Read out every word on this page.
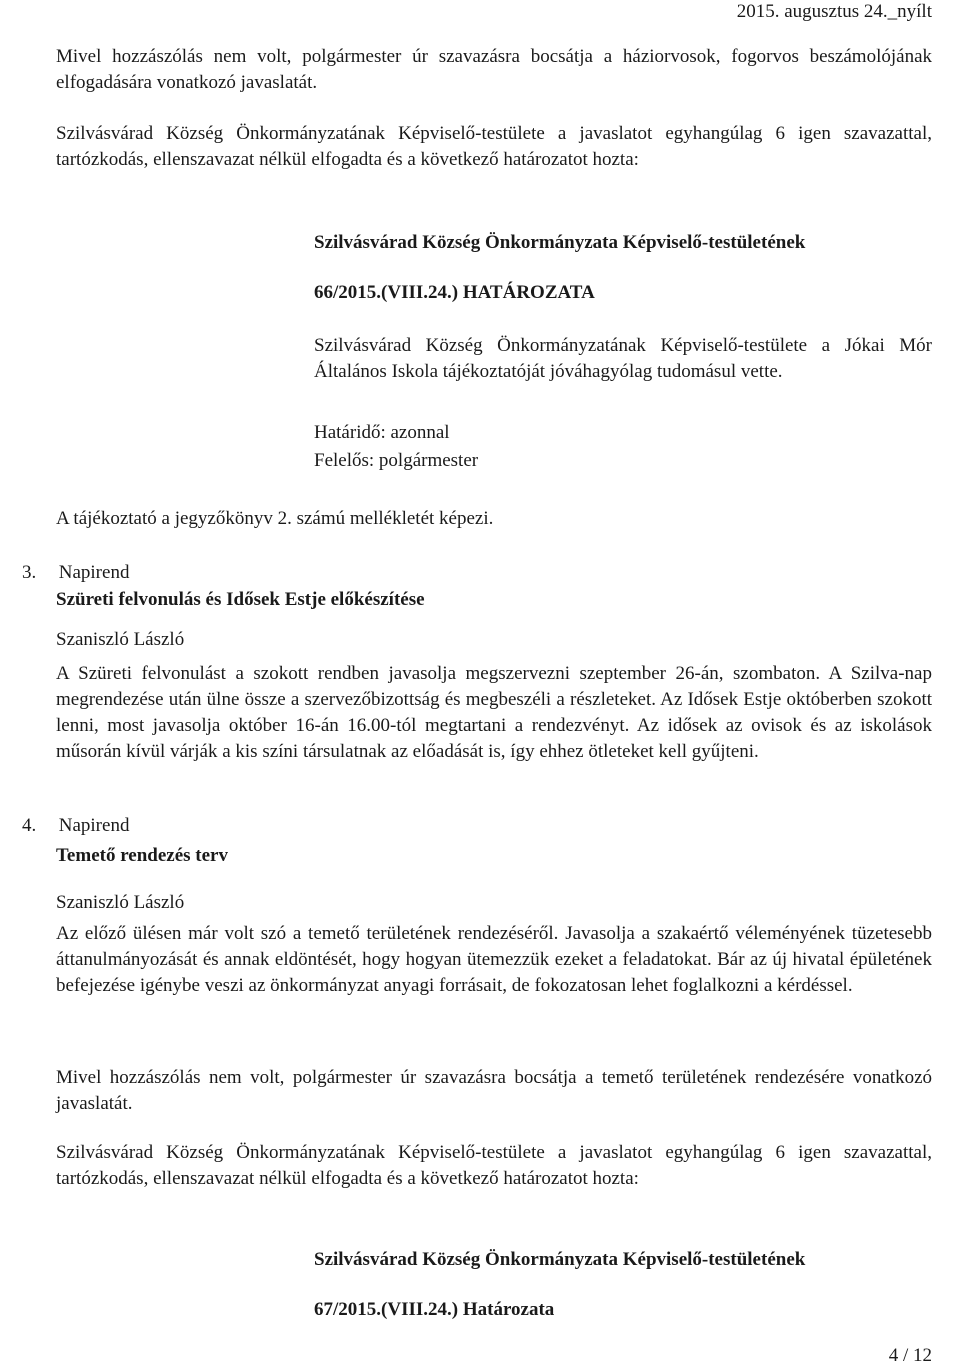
2015. augusztus 24._nyílt
Mivel hozzászólás nem volt, polgármester úr szavazásra bocsátja a háziorvosok, fogorvos beszámolójának elfogadására vonatkozó javaslatát.
Szilvásvárad Község Önkormányzatának Képviselő-testülete a javaslatot egyhangúlag 6 igen szavazattal, tartózkodás, ellenszavazat nélkül elfogadta és a következő határozatot hozta:
Szilvásvárad Község Önkormányzata Képviselő-testületének
66/2015.(VIII.24.) HATÁROZATA
Szilvásvárad Község Önkormányzatának Képviselő-testülete a Jókai Mór Általános Iskola tájékoztatóját jóváhagyólag tudomásul vette.
Határidő: azonnal
Felelős: polgármester
A tájékoztató a jegyzőkönyv 2. számú mellékletét képezi.
3. Napirend
Szüreti felvonulás és Idősek Estje előkészítése
Szaniszló László
A Szüreti felvonulást a szokott rendben javasolja megszervezni szeptember 26-án, szombaton. A Szilva-nap megrendezése után ülne össze a szervezőbizottság és megbeszéli a részleteket. Az Idősek Estje októberben szokott lenni, most javasolja október 16-án 16.00-tól megtartani a rendezvényt. Az idősek az ovisok és az iskolások műsorán kívül várják a kis színi társulatnak az előadását is, így ehhez ötleteket kell gyűjteni.
4. Napirend
Temető rendezés terv
Szaniszló László
Az előző ülésen már volt szó a temető területének rendezéséről. Javasolja a szakaértő véleményének tüzetesebb áttanulmányozását és annak eldöntését, hogy hogyan ütemezzük ezeket a feladatokat. Bár az új hivatal épületének befejezése igénybe veszi az önkormányzat anyagi forrásait, de fokozatosan lehet foglalkozni a kérdéssel.
Mivel hozzászólás nem volt, polgármester úr szavazásra bocsátja a temető területének rendezésére vonatkozó javaslatát.
Szilvásvárad Község Önkormányzatának Képviselő-testülete a javaslatot egyhangúlag 6 igen szavazattal, tartózkodás, ellenszavazat nélkül elfogadta és a következő határozatot hozta:
Szilvásvárad Község Önkormányzata Képviselő-testületének
67/2015.(VIII.24.) Határozata
4 / 12
